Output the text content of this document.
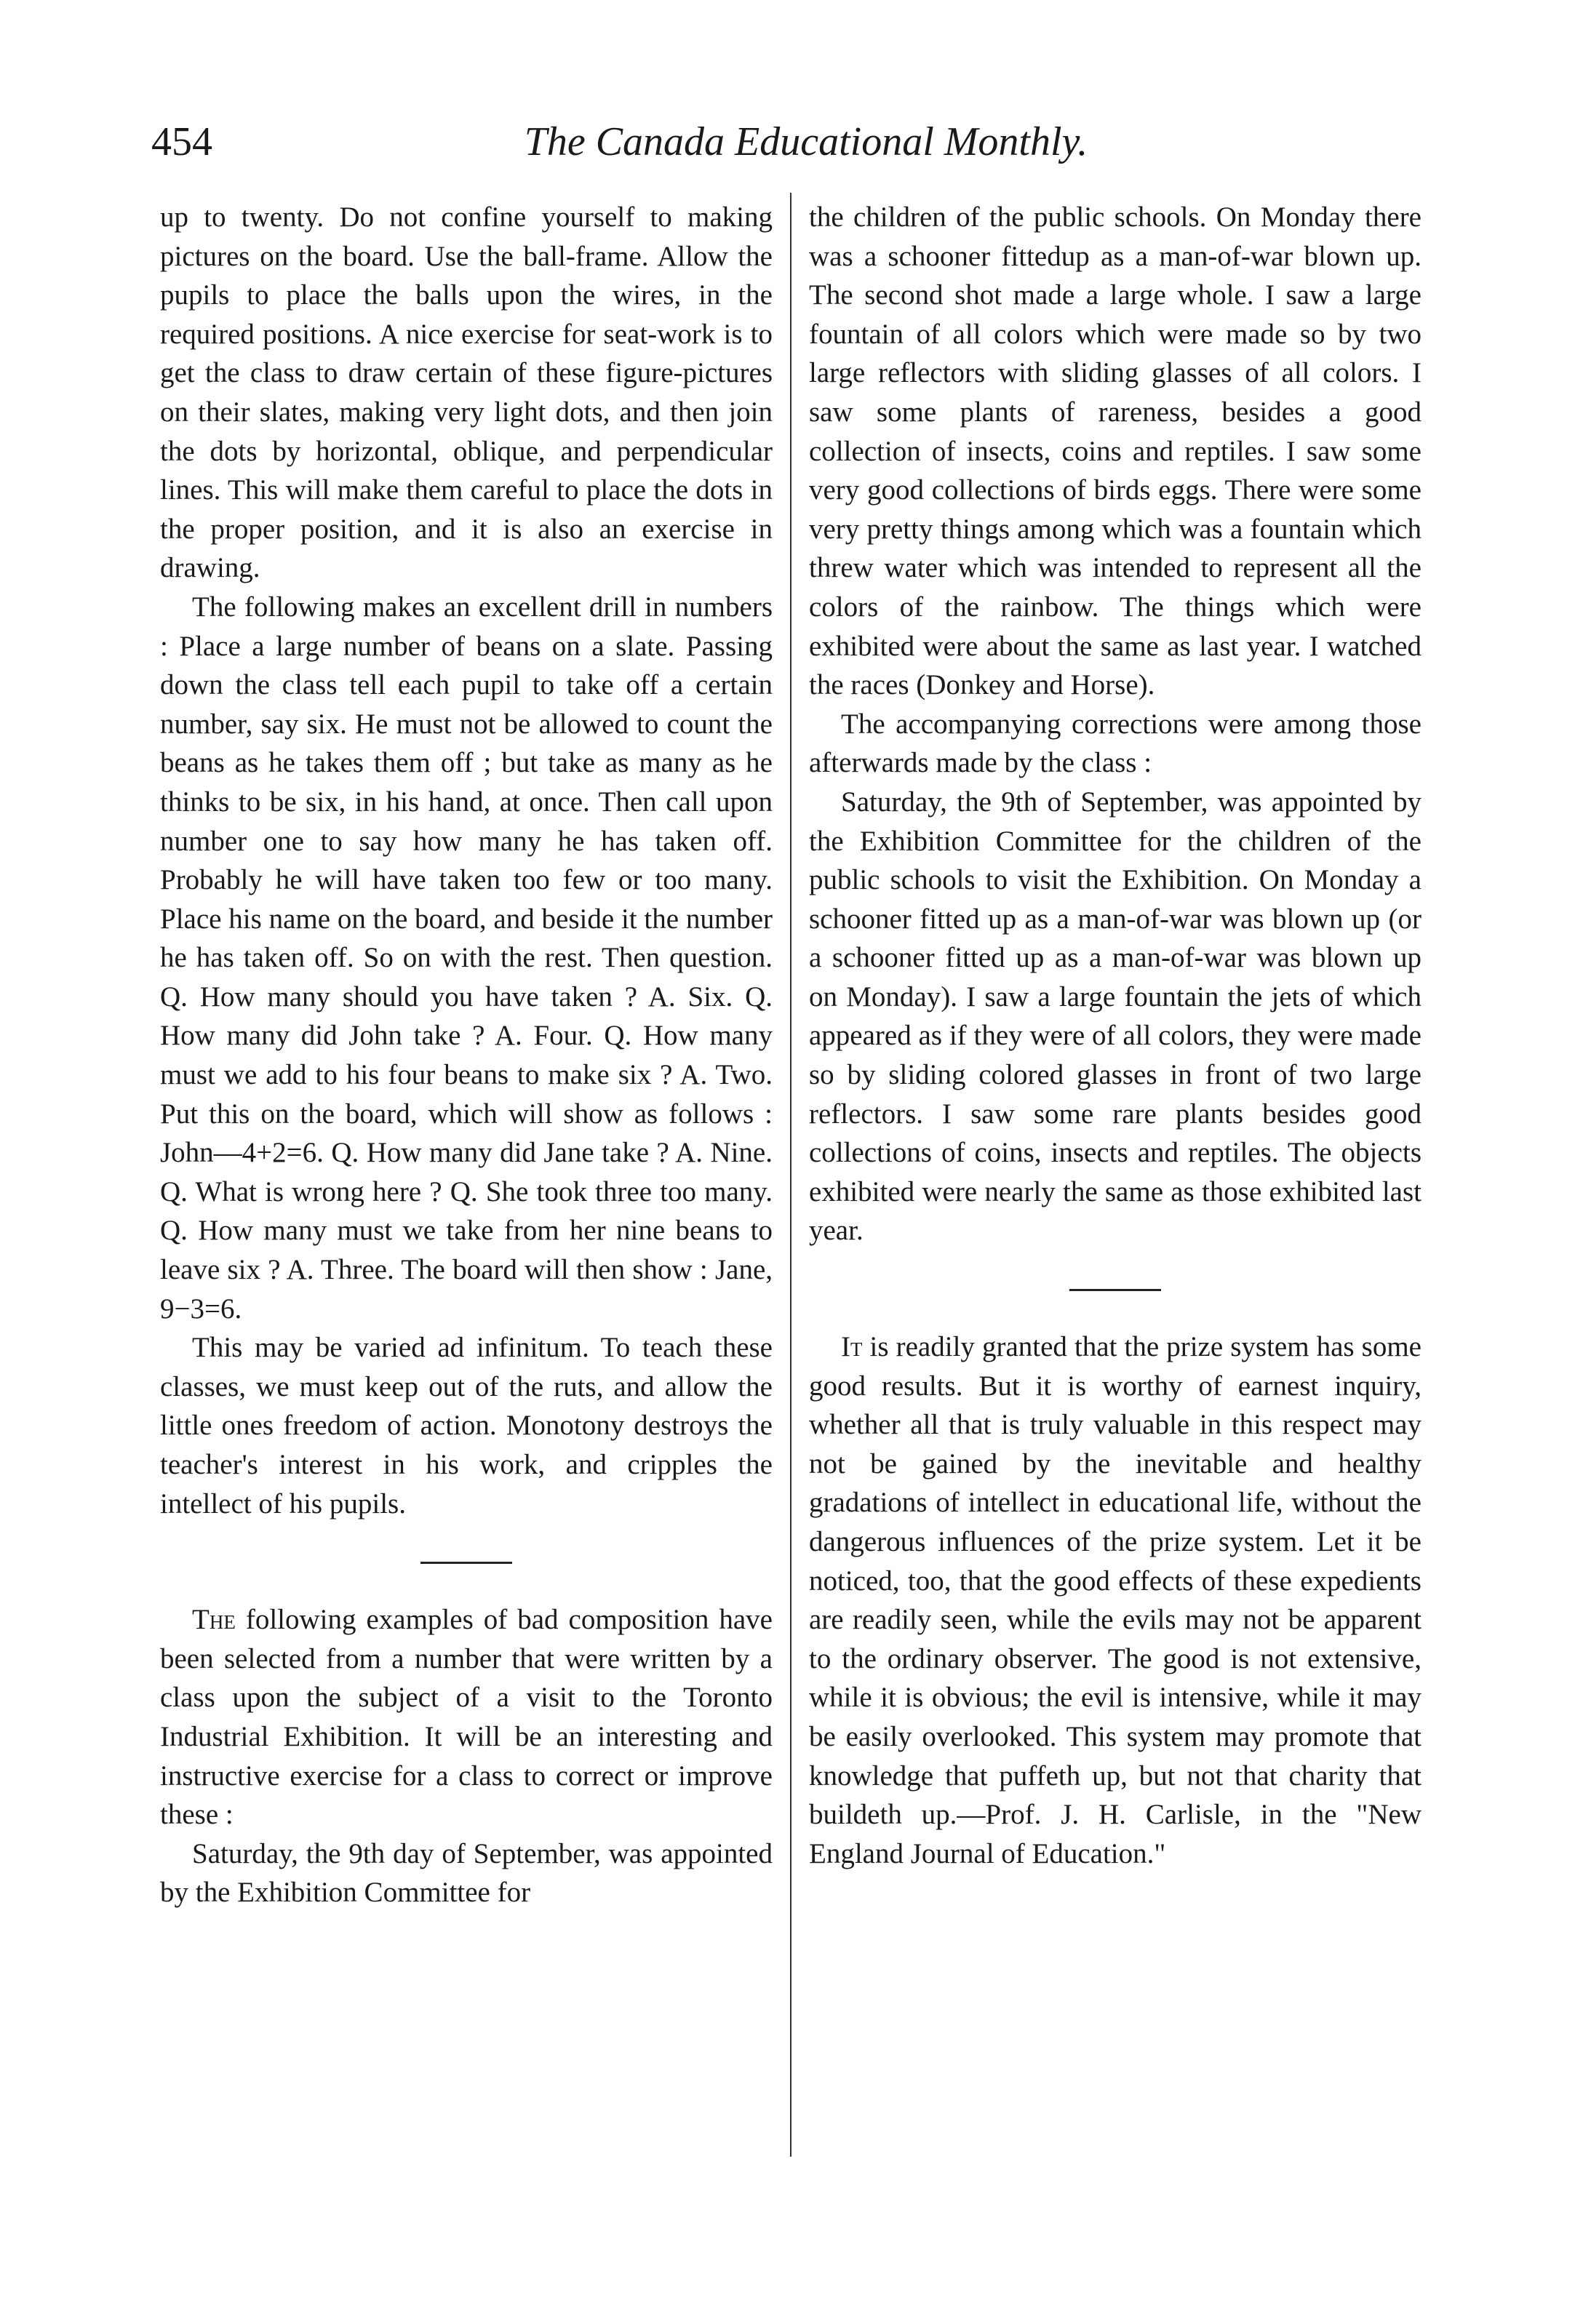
454	The Canada Educational Monthly.

up to twenty. Do not confine yourself to making pictures on the board. Use the ball-frame. Allow the pupils to place the balls upon the wires, in the required positions. A nice exercise for seat-work is to get the class to draw certain of these figure-pictures on their slates, making very light dots, and then join the dots by horizontal, oblique, and perpendicular lines. This will make them careful to place the dots in the proper position, and it is also an exercise in drawing.

The following makes an excellent drill in numbers : Place a large number of beans on a slate. Passing down the class tell each pupil to take off a certain number, say six. He must not be allowed to count the beans as he takes them off ; but take as many as he thinks to be six, in his hand, at once. Then call upon number one to say how many he has taken off. Probably he will have taken too few or too many. Place his name on the board, and beside it the number he has taken off. So on with the rest. Then question. Q. How many should you have taken ? A. Six. Q. How many did John take ? A. Four. Q. How many must we add to his four beans to make six ? A. Two. Put this on the board, which will show as follows : John—4+2=6. Q. How many did Jane take ? A. Nine. Q. What is wrong here ? Q. She took three too many. Q. How many must we take from her nine beans to leave six ? A. Three. The board will then show : Jane, 9−3=6.

This may be varied ad infinitum. To teach these classes, we must keep out of the ruts, and allow the little ones freedom of action. Monotony destroys the teacher's interest in his work, and cripples the intellect of his pupils.

The following examples of bad composition have been selected from a number that were written by a class upon the subject of a visit to the Toronto Industrial Exhibition. It will be an interesting and instructive exercise for a class to correct or improve these :

Saturday, the 9th day of September, was appointed by the Exhibition Committee for

the children of the public schools. On Monday there was a schooner fittedup as a man-of-war blown up. The second shot made a large whole. I saw a large fountain of all colors which were made so by two large reflectors with sliding glasses of all colors. I saw some plants of rareness, besides a good collection of insects, coins and reptiles. I saw some very good collections of birds eggs. There were some very pretty things among which was a fountain which threw water which was intended to represent all the colors of the rainbow. The things which were exhibited were about the same as last year. I watched the races (Donkey and Horse).

The accompanying corrections were among those afterwards made by the class :

Saturday, the 9th of September, was appointed by the Exhibition Committee for the children of the public schools to visit the Exhibition. On Monday a schooner fitted up as a man-of-war was blown up (or a schooner fitted up as a man-of-war was blown up on Monday). I saw a large fountain the jets of which appeared as if they were of all colors, they were made so by sliding colored glasses in front of two large reflectors. I saw some rare plants besides good collections of coins, insects and reptiles. The objects exhibited were nearly the same as those exhibited last year.

It is readily granted that the prize system has some good results. But it is worthy of earnest inquiry, whether all that is truly valuable in this respect may not be gained by the inevitable and healthy gradations of intellect in educational life, without the dangerous influences of the prize system. Let it be noticed, too, that the good effects of these expedients are readily seen, while the evils may not be apparent to the ordinary observer. The good is not extensive, while it is obvious; the evil is intensive, while it may be easily overlooked. This system may promote that knowledge that puffeth up, but not that charity that buildeth up.—Prof. J. H. Carlisle, in the "New England Journal of Education."
